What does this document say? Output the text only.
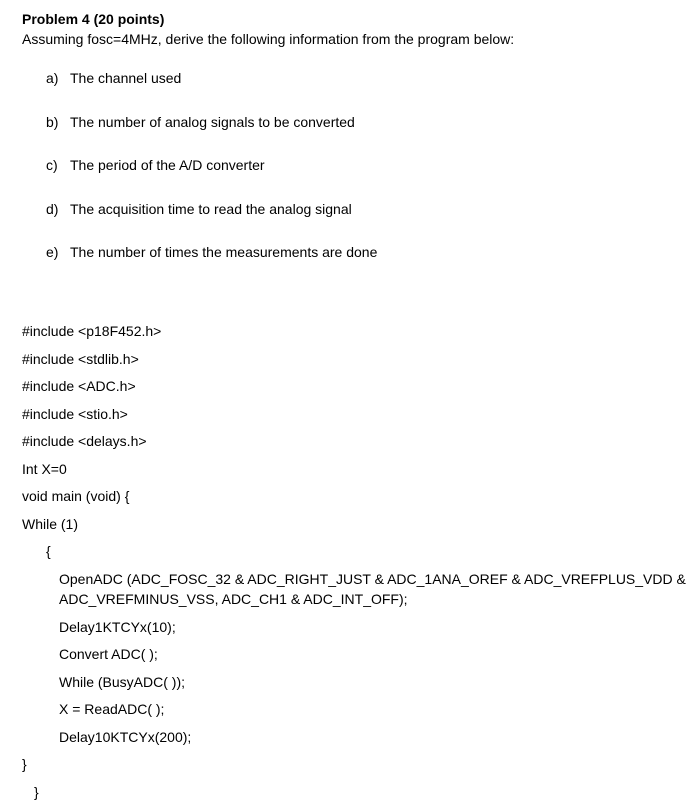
Problem 4 (20 points)
Assuming fosc=4MHz, derive the following information from the program below:
a) The channel used
b) The number of analog signals to be converted
c) The period of the A/D converter
d) The acquisition time to read the analog signal
e) The number of times the measurements are done
#include <p18F452.h>
#include <stdlib.h>
#include <ADC.h>
#include <stio.h>
#include <delays.h>
Int X=0
void main (void) {
While (1)
{
OpenADC (ADC_FOSC_32 & ADC_RIGHT_JUST & ADC_1ANA_OREF & ADC_VREFPLUS_VDD &
ADC_VREFMINUS_VSS, ADC_CH1 & ADC_INT_OFF);
Delay1KTCYx(10);
Convert ADC( );
While (BusyADC( ));
X = ReadADC( );
Delay10KTCYx(200);
}
}
